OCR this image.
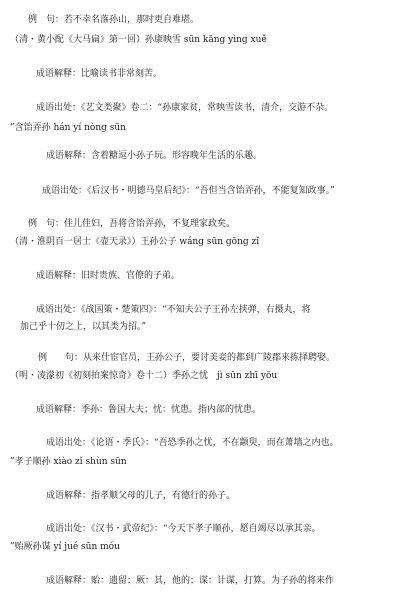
例　句：若不幸名落孙山，那时更自难堪。
（清・黄小配《大马扁》第一回）孙康映雪 sūn kāng yìng xuě
成语解释：比喻读书非常刻苦。
成语出处：《艺文类聚》卷二：“孙康家贫，常映雪读书，清介，交游不杂。
”含饴弄孙 hán yí nòng sūn
成语解释：含着糖逗小孙子玩。形容晚年生活的乐趣。
成语出处：《后汉书・明德马皇后纪》：“吾但当含饴弄孙，不能复知政事。”
例　句：佳儿佳妇，吾将含饴弄孙，不复理家政矣。
（清・淮阴百一居士《壶天录》）王孙公子 wáng sūn gōng zǐ
成语解释：旧时贵族、官僚的子弟。
成语出处：《战国策・楚策四》：“不知夫公子王孙左挟弹，右摄丸，将
加己乎十仞之上，以其类为招。”
例　　句：从来仕宦官员，王孙公子，要讨美妾的都到广陵郡来拣择聘娶。
（明・凌濛初《初刻拍案惊奇》卷十二）季孙之忧　jì sūn zhī yōu
成语解释：季孙：鲁国大夫；忧：忧患。指内部的忧患。
成语出处：《论语・季氏》：“吾恐季孙之忧，不在颛臾，而在萧墙之内也。
”孝子顺孙 xiào zǐ shùn sūn
成语解释：指孝顺父母的儿子，有德行的孙子。
成语出处：《汉书・武帝纪》：“今天下孝子顺孙，愿自竭尽以承其亲。
”贻厥孙谋 yí jué sūn móu
成语解释：贻：遗留；厥：其，他的；谋：计谋，打算。为子孙的将来作
